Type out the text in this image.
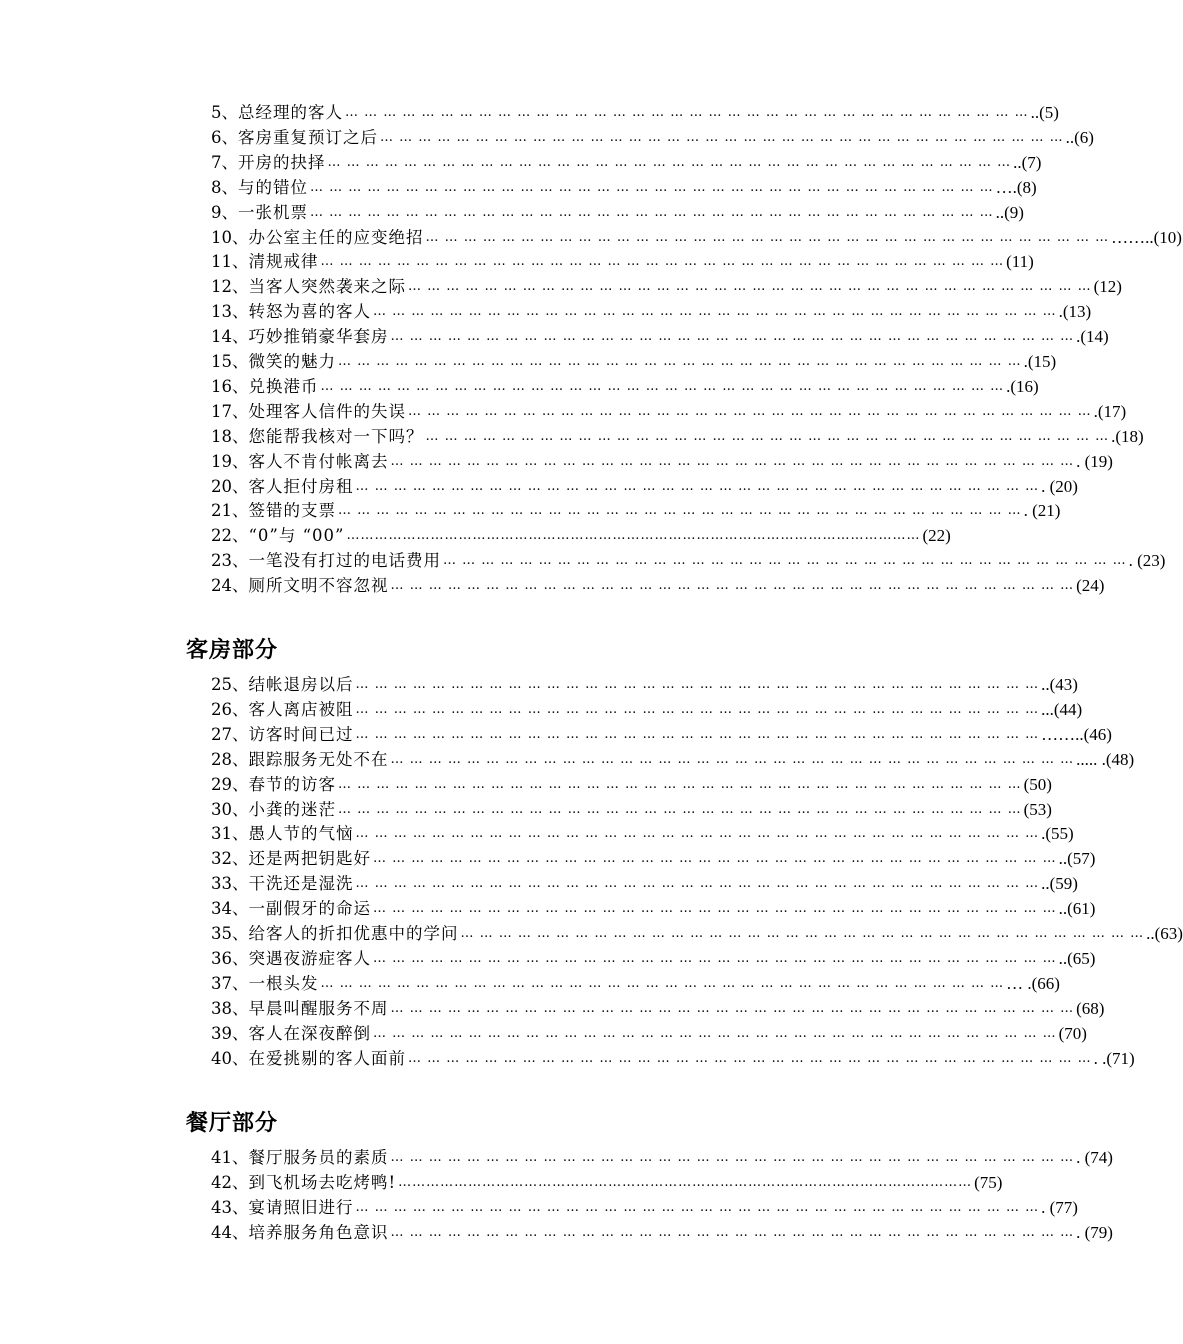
5、 总经理的客人 … … … … … … … … … … … … … … … … … … … … … … … … … … … … … … … … … … … … ..(5)
6、 客房重复预订之后 … … … … … … … … … … … … … … … … … … … … … … … … … … … … … … … … … … … … ..(6)
7、 开房的抉择 … … … … … … … … … … … … … … … … … … … … … … … … … … … … … … … … … … … … ..(7)
8、 与的错位 … … … … … … … … … … … … … … … … … … … … … … … … … … … … … … … … … … … … ….(8)
9、 一张机票 … … … … … … … … … … … … … … … … … … … … … … … … … … … … … … … … … … … … ..(9)
10、 办公室主任的应变绝招 … … … … … … … … … … … … … … … … … … … … … … … … … … … … … … … … … … … … ……..(10)
11、 清规戒律 … … … … … … … … … … … … … … … … … … … … … … … … … … … … … … … … … … … … (11)
12、 当客人突然袭来之际 … … … … … … … … … … … … … … … … … … … … … … … … … … … … … … … … … … … … (12)
13、 转怒为喜的客人 … … … … … … … … … … … … … … … … … … … … … … … … … … … … … … … … … … … … .(13)
14、 巧妙推销豪华套房 … … … … … … … … … … … … … … … … … … … … … … … … … … … … … … … … … … … … .(14)
15、 微笑的魅力 … … … … … … … … … … … … … … … … … … … … … … … … … … … … … … … … … … … … .(15)
16、 兑换港币 … … … … … … … … … … … … … … … … … … … … … … … … … … … … … … … … … … … … .(16)
17、 处理客人信件的失误 … … … … … … … … … … … … … … … … … … … … … … … … … … … … … … … … … … … … .(17)
18、 您能帮我核对一下吗？ … … … … … … … … … … … … … … … … … … … … … … … … … … … … … … … … … … … … .(18)
19、 客人不肯付帐离去 … … … … … … … … … … … … … … … … … … … … … … … … … … … … … … … … … … … … . (19)
20、 客人拒付房租 … … … … … … … … … … … … … … … … … … … … … … … … … … … … … … … … … … … … . (20)
21、 签错的支票 … … … … … … … … … … … … … … … … … … … … … … … … … … … … … … … … … … … … . (21)
22、 “0”与 “00” …………………………………………………………………………………………………………… (22)
23、 一笔没有打过的电话费用 … … … … … … … … … … … … … … … … … … … … … … … … … … … … … … … … … … … … . (23)
24、 厕所文明不容忽视 … … … … … … … … … … … … … … … … … … … … … … … … … … … … … … … … … … … … (24)
客房部分
25、 结帐退房以后 … … … … … … … … … … … … … … … … … … … … … … … … … … … … … … … … … … … … ..(43)
26、 客人离店被阻 … … … … … … … … … … … … … … … … … … … … … … … … … … … … … … … … … … … … ...(44)
27、 访客时间已过 … … … … … … … … … … … … … … … … … … … … … … … … … … … … … … … … … … … … ……..(46)
28、 跟踪服务无处不在 … … … … … … … … … … … … … … … … … … … … … … … … … … … … … … … … … … … … ..... .(48)
29、 春节的访客 … … … … … … … … … … … … … … … … … … … … … … … … … … … … … … … … … … … … (50)
30、 小龚的迷茫 … … … … … … … … … … … … … … … … … … … … … … … … … … … … … … … … … … … … (53)
31、 愚人节的气恼 … … … … … … … … … … … … … … … … … … … … … … … … … … … … … … … … … … … … .(55)
32、 还是两把钥匙好 … … … … … … … … … … … … … … … … … … … … … … … … … … … … … … … … … … … … ..(57)
33、 干洗还是湿洗 … … … … … … … … … … … … … … … … … … … … … … … … … … … … … … … … … … … … ..(59)
34、 一副假牙的命运 … … … … … … … … … … … … … … … … … … … … … … … … … … … … … … … … … … … … ..(61)
35、 给客人的折扣优惠中的学问 … … … … … … … … … … … … … … … … … … … … … … … … … … … … … … … … … … … … ..(63)
36、 突遇夜游症客人 … … … … … … … … … … … … … … … … … … … … … … … … … … … … … … … … … … … … ..(65)
37、 一根头发 … … … … … … … … … … … … … … … … … … … … … … … … … … … … … … … … … … … … … .(66)
38、 早晨叫醒服务不周 … … … … … … … … … … … … … … … … … … … … … … … … … … … … … … … … … … … … (68)
39、 客人在深夜醉倒 … … … … … … … … … … … … … … … … … … … … … … … … … … … … … … … … … … … … (70)
40、 在爱挑剔的客人面前 … … … … … … … … … … … … … … … … … … … … … … … … … … … … … … … … … … … … . .(71)
餐厅部分
41、 餐厅服务员的素质 … … … … … … … … … … … … … … … … … … … … … … … … … … … … … … … … … … … … . (74)
42、 到飞机场去吃烤鸭! …………………………………………………………………………………………………………… (75)
43、 宴请照旧进行 … … … … … … … … … … … … … … … … … … … … … … … … … … … … … … … … … … … … . (77)
44、 培养服务角色意识 … … … … … … … … … … … … … … … … … … … … … … … … … … … … … … … … … … … … . (79)
